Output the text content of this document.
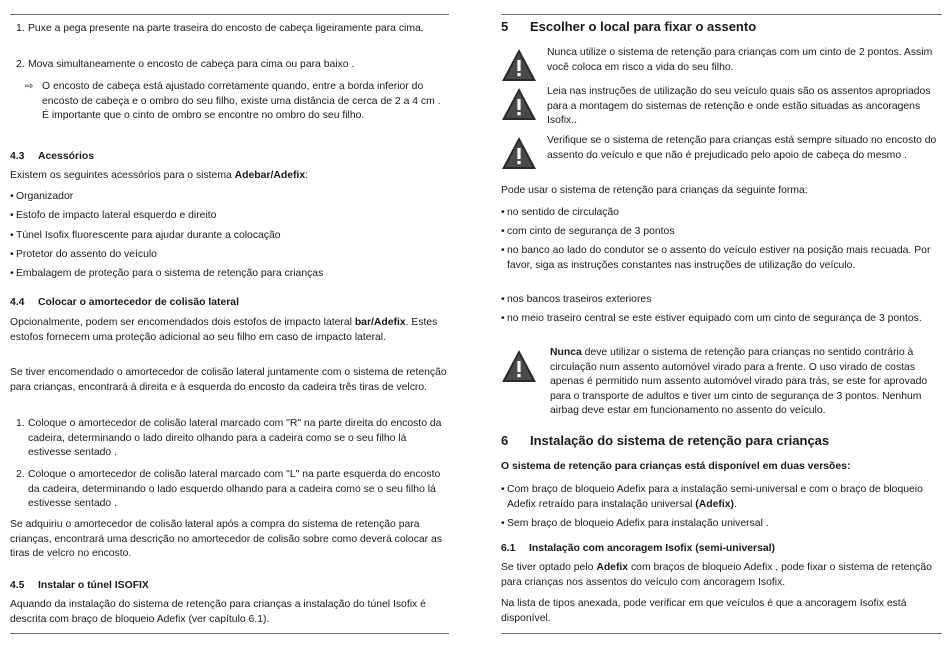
1. Puxe a pega presente na parte traseira do encosto de cabeça ligeiramente para cima.
2. Mova simultaneamente o encosto de cabeça para cima ou para baixo .
⇨ O encosto de cabeça está ajustado corretamente quando, entre a borda inferior do encosto de cabeça e o ombro do seu filho, existe uma distância de cerca de 2 a 4 cm . É importante que o cinto de ombro se encontre no ombro do seu filho.
4.3 Acessórios
Existem os seguintes acessórios para o sistema Adebar/Adefix:
• Organizador
• Estofo de impacto lateral esquerdo e direito
• Túnel Isofix fluorescente para ajudar durante a colocação
• Protetor do assento do veículo
• Embalagem de proteção para o sistema de retenção para crianças
4.4 Colocar o amortecedor de colisão lateral
Opcionalmente, podem ser encomendados dois estofos de impacto lateral bar/Adefix. Estes estofos fornecem uma proteção adicional ao seu filho em caso de impacto lateral.
Se tiver encomendado o amortecedor de colisão lateral juntamente com o sistema de retenção para crianças, encontrará à direita e à esquerda do encosto da cadeira três tiras de velcro.
1. Coloque o amortecedor de colisão lateral marcado com "R" na parte direita do encosto da cadeira, determinando o lado direito olhando para a cadeira como se o seu filho lá estivesse sentado .
2. Coloque o amortecedor de colisão lateral marcado com "L" na parte esquerda do encosto da cadeira, determinando o lado esquerdo olhando para a cadeira como se o seu filho lá estivesse sentado .
Se adquiriu o amortecedor de colisão lateral após a compra do sistema de retenção para crianças, encontrará uma descrição no amortecedor de colisão sobre como deverá colocar as tiras de velcro no encosto.
4.5 Instalar o túnel ISOFIX
Aquando da instalação do sistema de retenção para crianças a instalação do túnel Isofix é descrita com braço de bloqueio Adefix (ver capítulo 6.1).
5 Escolher o local para fixar o assento
Nunca utilize o sistema de retenção para crianças com um cinto de 2 pontos. Assim você coloca em risco a vida do seu filho.
Leia nas instruções de utilização do seu veículo quais são os assentos apropriados para a montagem do sistemas de retenção e onde estão situadas as ancoragens Isofix..
Verifique se o sistema de retenção para crianças está sempre situado no encosto do assento do veículo e que não é prejudicado pelo apoio de cabeça do mesmo .
Pode usar o sistema de retenção para crianças da seguinte forma:
• no sentido de circulação
• com cinto de segurança de 3 pontos
• no banco ao lado do condutor se o assento do veículo estiver na posição mais recuada. Por favor, siga as instruções constantes nas instruções de utilização do veículo.
• nos bancos traseiros exteriores
• no meio traseiro central se este estiver equipado com um cinto de segurança de 3 pontos.
Nunca deve utilizar o sistema de retenção para crianças no sentido contrário à circulação num assento automóvel virado para a frente. O uso virado de costas apenas é permitido num assento automóvel virado para trás, se este for aprovado para o transporte de adultos e tiver um cinto de segurança de 3 pontos. Nenhum airbag deve estar em funcionamento no assento do veículo.
6 Instalação do sistema de retenção para crianças
O sistema de retenção para crianças está disponível em duas versões:
• Com braço de bloqueio Adefix para a instalação semi-universal e com o braço de bloqueio Adefix retraído para instalação universal (Adefix).
• Sem braço de bloqueio Adefix para instalação universal .
6.1 Instalação com ancoragem Isofix (semi-universal)
Se tiver optado pelo Adefix com braços de bloqueio Adefix , pode fixar o sistema de retenção para crianças nos assentos do veículo com ancoragem Isofix.
Na lista de tipos anexada, pode verificar em que veículos é que a ancoragem Isofix está disponível.
